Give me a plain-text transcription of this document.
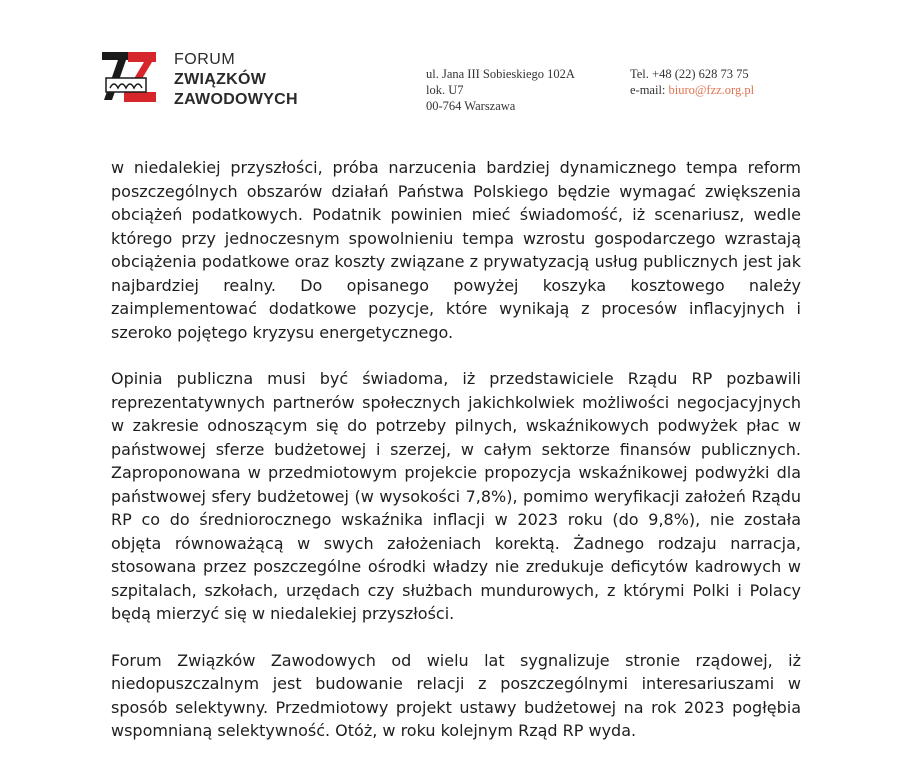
FORUM
ZWIĄZKÓW
ZAWODOWYCH
ul. Jana III Sobieskiego 102A
lok. U7
00-764 Warszawa
Tel. +48 (22) 628 73 75
e-mail: biuro@fzz.org.pl

w niedalekiej przyszłości, próba narzucenia bardziej dynamicznego tempa reform poszczególnych obszarów działań Państwa Polskiego będzie wymagać zwiększenia obciążeń podatkowych. Podatnik powinien mieć świadomość, iż scenariusz, wedle którego przy jednoczesnym spowolnieniu tempa wzrostu gospodarczego wzrastają obciążenia podatkowe oraz koszty związane z prywatyzacją usług publicznych jest jak najbardziej realny. Do opisanego powyżej koszyka kosztowego należy zaimplementować dodatkowe pozycje, które wynikają z procesów inflacyjnych i szeroko pojętego kryzysu energetycznego.

Opinia publiczna musi być świadoma, iż przedstawiciele Rządu RP pozbawili reprezentatywnych partnerów społecznych jakichkolwiek możliwości negocjacyjnych w zakresie odnoszącym się do potrzeby pilnych, wskaźnikowych podwyżek płac w państwowej sferze budżetowej i szerzej, w całym sektorze finansów publicznych. Zaproponowana w przedmiotowym projekcie propozycja wskaźnikowej podwyżki dla państwowej sfery budżetowej (w wysokości 7,8%), pomimo weryfikacji założeń Rządu RP co do średniorocznego wskaźnika inflacji w 2023 roku (do 9,8%), nie została objęta równoważącą w swych założeniach korektą. Żadnego rodzaju narracja, stosowana przez poszczególne ośrodki władzy nie zredukuje deficytów kadrowych w szpitalach, szkołach, urzędach czy służbach mundurowych, z którymi Polki i Polacy będą mierzyć się w niedalekiej przyszłości.

Forum Związków Zawodowych od wielu lat sygnalizuje stronie rządowej, iż niedopuszczalnym jest budowanie relacji z poszczególnymi interesariuszami w sposób selektywny. Przedmiotowy projekt ustawy budżetowej na rok 2023 pogłębia wspomnianą selektywność. Otóż, w roku kolejnym Rząd RP wyda.
